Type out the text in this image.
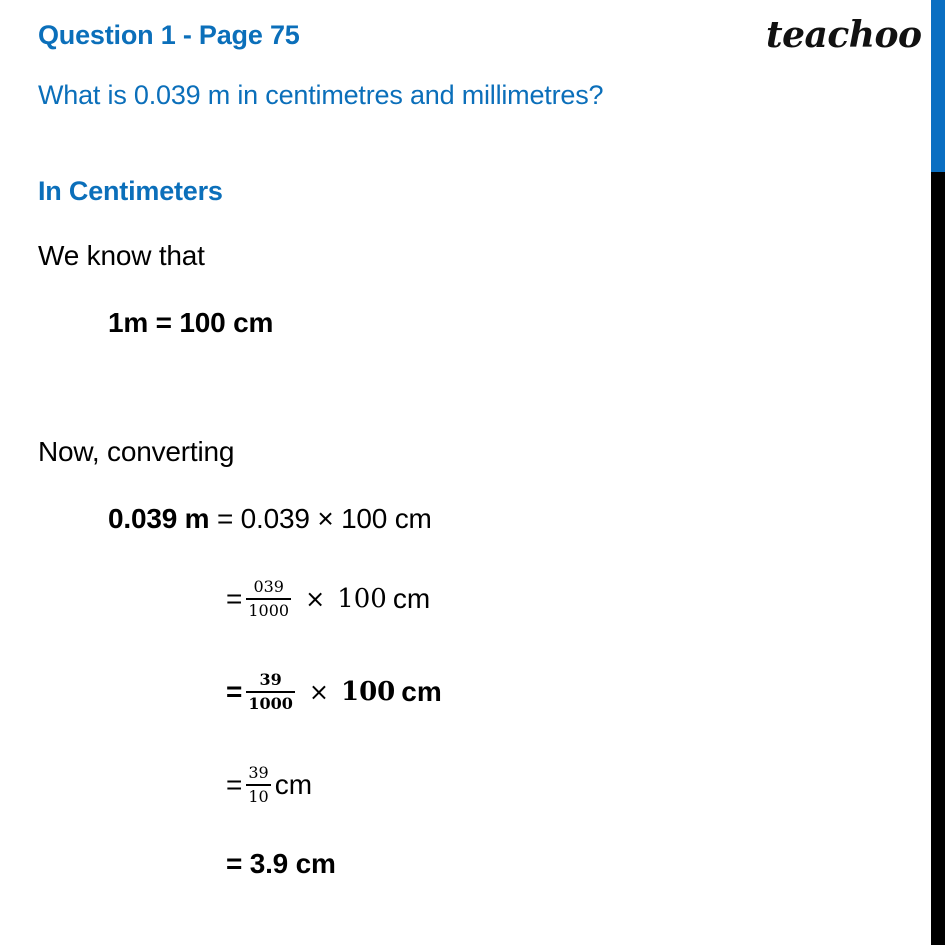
Question 1 - Page 75	teachoo
What is 0.039 m in centimetres and millimetres?
In Centimeters
We know that
1m = 100 cm
Now, converting
0.039 m = 0.039 × 100 cm
= $\frac{039}{1000} \times 100$ cm
= $\frac{39}{1000} \times 100$ cm
= $\frac{39}{10}$ cm
= 3.9 cm
